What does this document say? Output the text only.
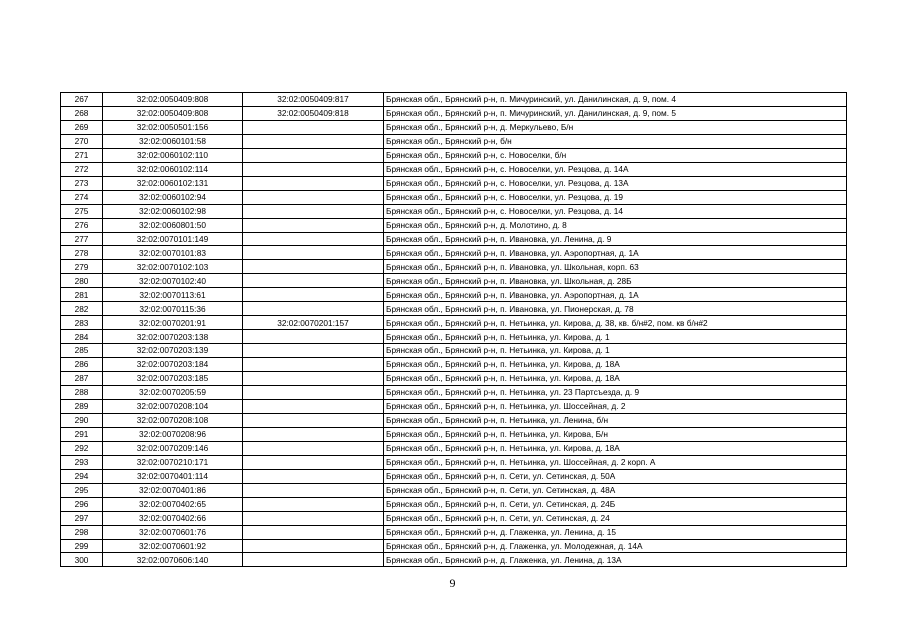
267	32:02:0050409:808	32:02:0050409:817	Брянская обл., Брянский р-н, п. Мичуринский, ул. Данилинская, д. 9, пом. 4
268	32:02:0050409:808	32:02:0050409:818	Брянская обл., Брянский р-н, п. Мичуринский, ул. Данилинская, д. 9, пом. 5
269	32:02:0050501:156		Брянская обл., Брянский р-н, д. Меркульево, Б/н
270	32:02:0060101:58		Брянская обл., Брянский р-н, б/н
271	32:02:0060102:110		Брянская обл., Брянский р-н, с. Новоселки, б/н
272	32:02:0060102:114		Брянская обл., Брянский р-н, с. Новоселки, ул. Резцова, д. 14А
273	32:02:0060102:131		Брянская обл., Брянский р-н, с. Новоселки, ул. Резцова, д. 13А
274	32:02:0060102:94		Брянская обл., Брянский р-н, с. Новоселки, ул. Резцова, д. 19
275	32:02:0060102:98		Брянская обл., Брянский р-н, с. Новоселки, ул. Резцова, д. 14
276	32:02:0060801:50		Брянская обл., Брянский р-н, д. Молотино, д. 8
277	32:02:0070101:149		Брянская обл., Брянский р-н, п. Ивановка, ул. Ленина, д. 9
278	32:02:0070101:83		Брянская обл., Брянский р-н, п. Ивановка, ул. Аэропортная, д. 1А
279	32:02:0070102:103		Брянская обл., Брянский р-н, п. Ивановка, ул. Школьная, корп. 63
280	32:02:0070102:40		Брянская обл., Брянский р-н, п. Ивановка, ул. Школьная, д. 28Б
281	32:02:0070113:61		Брянская обл., Брянский р-н, п. Ивановка, ул. Аэропортная, д. 1А
282	32:02:0070115:36		Брянская обл., Брянский р-н, п. Ивановка, ул. Пионерская, д. 78
283	32:02:0070201:91	32:02:0070201:157	Брянская обл., Брянский р-н, п. Нетьинка, ул. Кирова, д. 38, кв. б/н#2, пом. кв б/н#2
284	32:02:0070203:138		Брянская обл., Брянский р-н, п. Нетьинка, ул. Кирова, д. 1
285	32:02:0070203:139		Брянская обл., Брянский р-н, п. Нетьинка, ул. Кирова, д. 1
286	32:02:0070203:184		Брянская обл., Брянский р-н, п. Нетьинка, ул. Кирова, д. 18А
287	32:02:0070203:185		Брянская обл., Брянский р-н, п. Нетьинка, ул. Кирова, д. 18А
288	32:02:0070205:59		Брянская обл., Брянский р-н, п. Нетьинка, ул. 23 Партсъезда, д. 9
289	32:02:0070208:104		Брянская обл., Брянский р-н, п. Нетьинка, ул. Шоссейная, д. 2
290	32:02:0070208:108		Брянская обл., Брянский р-н, п. Нетьинка, ул. Ленина, б/н
291	32:02:0070208:96		Брянская обл., Брянский р-н, п. Нетьинка, ул. Кирова, Б/н
292	32:02:0070209:146		Брянская обл., Брянский р-н, п. Нетьинка, ул. Кирова, д. 18А
293	32:02:0070210:171		Брянская обл., Брянский р-н, п. Нетьинка, ул. Шоссейная, д. 2 корп. А
294	32:02:0070401:114		Брянская обл., Брянский р-н, п. Сети, ул. Сетинская, д. 50А
295	32:02:0070401:86		Брянская обл., Брянский р-н, п. Сети, ул. Сетинская, д. 48А
296	32:02:0070402:65		Брянская обл., Брянский р-н, п. Сети, ул. Сетинская, д. 24Б
297	32:02:0070402:66		Брянская обл., Брянский р-н, п. Сети, ул. Сетинская, д. 24
298	32:02:0070601:76		Брянская обл., Брянский р-н, д. Глаженка, ул. Ленина, д. 15
299	32:02:0070601:92		Брянская обл., Брянский р-н, д. Глаженка, ул. Молодежная, д. 14А
300	32:02:0070606:140		Брянская обл., Брянский р-н, д. Глаженка, ул. Ленина, д. 13А
9
